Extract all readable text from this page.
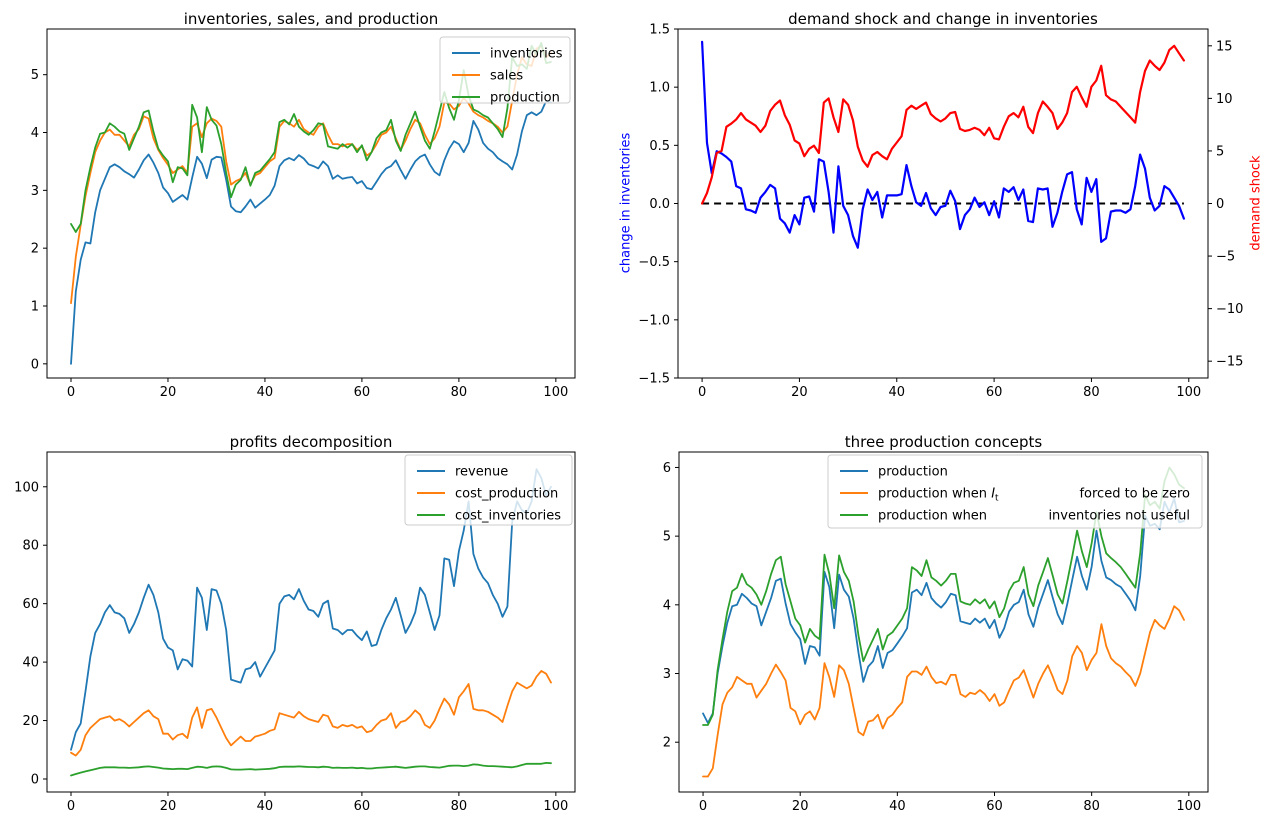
0	20	40	60	80	100
0
1
2
3
4
5
inventories
sales
production
0	20	40	60	80	100
−1.5
−1.0
−0.5
0.0
0.5
1.0
1.5
−15
−10
−5
0
5
10
15
0	20	40	60	80	100
0
20
40
60
80
100
revenue
cost_production
cost_inventories
0	20	40	60	80	100
2
3
4
5
6	production
production when $I_t$	forced to be zero
production when	inventories not useful
inventories, sales, and production	demand shock and change in inventories
profits decomposition	three production concepts
change in inventories	demand shock
